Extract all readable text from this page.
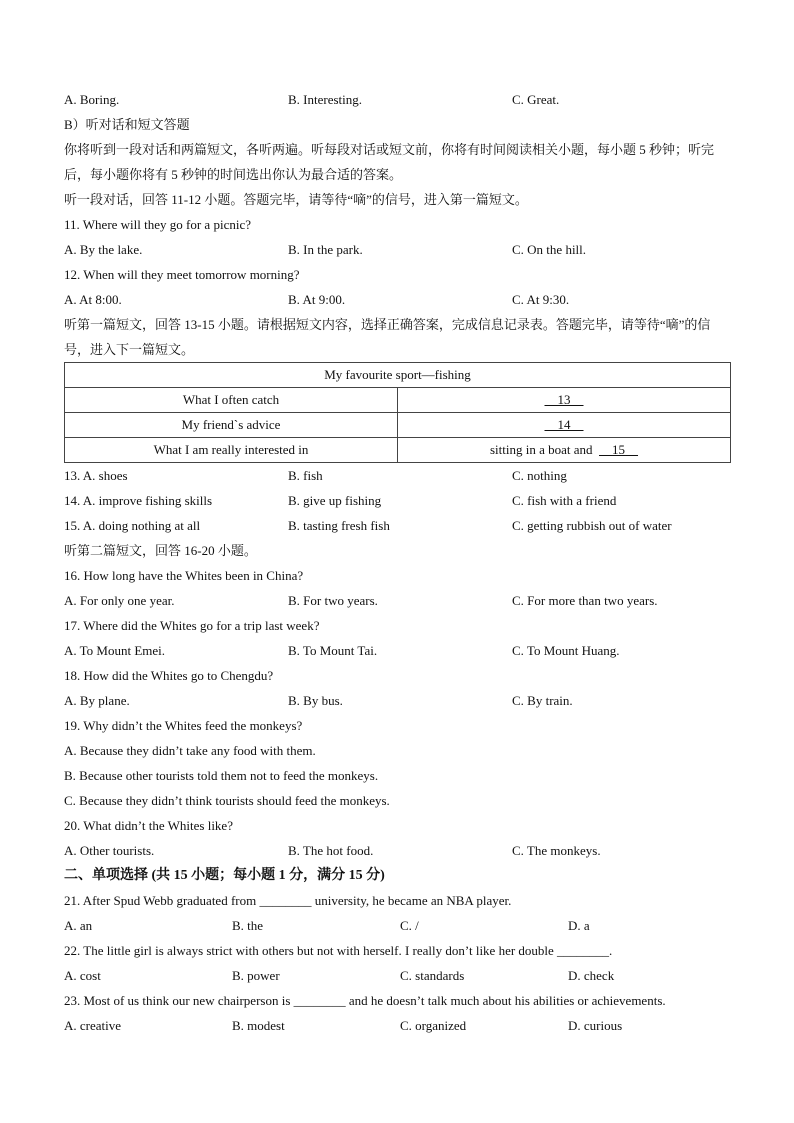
A. Boring.	B. Interesting.	C. Great.
B）听对话和短文答题
你将听到一段对话和两篇短文，各听两遍。听每段对话或短文前，你将有时间阅读相关小题，每小题 5 秒钟；听完后，每小题你将有 5 秒钟的时间选出你认为最合适的答案。
听一段对话，回答 11-12 小题。答题完毕，请等待“嘀”的信号，进入第一篇短文。
11. Where will they go for a picnic?
A. By the lake.	B. In the park.	C. On the hill.
12. When will they meet tomorrow morning?
A. At 8:00.	B. At 9:00.	C. At 9:30.
听第一篇短文，回答 13-15 小题。请根据短文内容，选择正确答案，完成信息记录表。答题完毕，请等待“嘀”的信号，进入下一篇短文。
My favourite sport—fishing	
What I often catch	13
My friend`s advice	14
What I am really interested in	sitting in a boat and 15
13. A. shoes	B. fish	C. nothing
14. A. improve fishing skills	B. give up fishing	C. fish with a friend
15. A. doing nothing at all	B. tasting fresh fish	C. getting rubbish out of water
听第二篇短文，回答 16-20 小题。
16. How long have the Whites been in China?
A. For only one year.	B. For two years.	C. For more than two years.
17. Where did the Whites go for a trip last week?
A. To Mount Emei.	B. To Mount Tai.	C. To Mount Huang.
18. How did the Whites go to Chengdu?
A. By plane.	B. By bus.	C. By train.
19. Why didn’t the Whites feed the monkeys?
A. Because they didn’t take any food with them.
B. Because other tourists told them not to feed the monkeys.
C. Because they didn’t think tourists should feed the monkeys.
20. What didn’t the Whites like?
A. Other tourists.	B. The hot food.	C. The monkeys.
二、单项选择 (共 15 小题；每小题 1 分，满分 15 分)
21. After Spud Webb graduated from ________ university, he became an NBA player.
A. an	B. the	C. /	D. a
22. The little girl is always strict with others but not with herself. I really don’t like her double ________.
A. cost	B. power	C. standards	D. check
23. Most of us think our new chairperson is ________ and he doesn’t talk much about his abilities or achievements.
A. creative	B. modest	C. organized	D. curious
